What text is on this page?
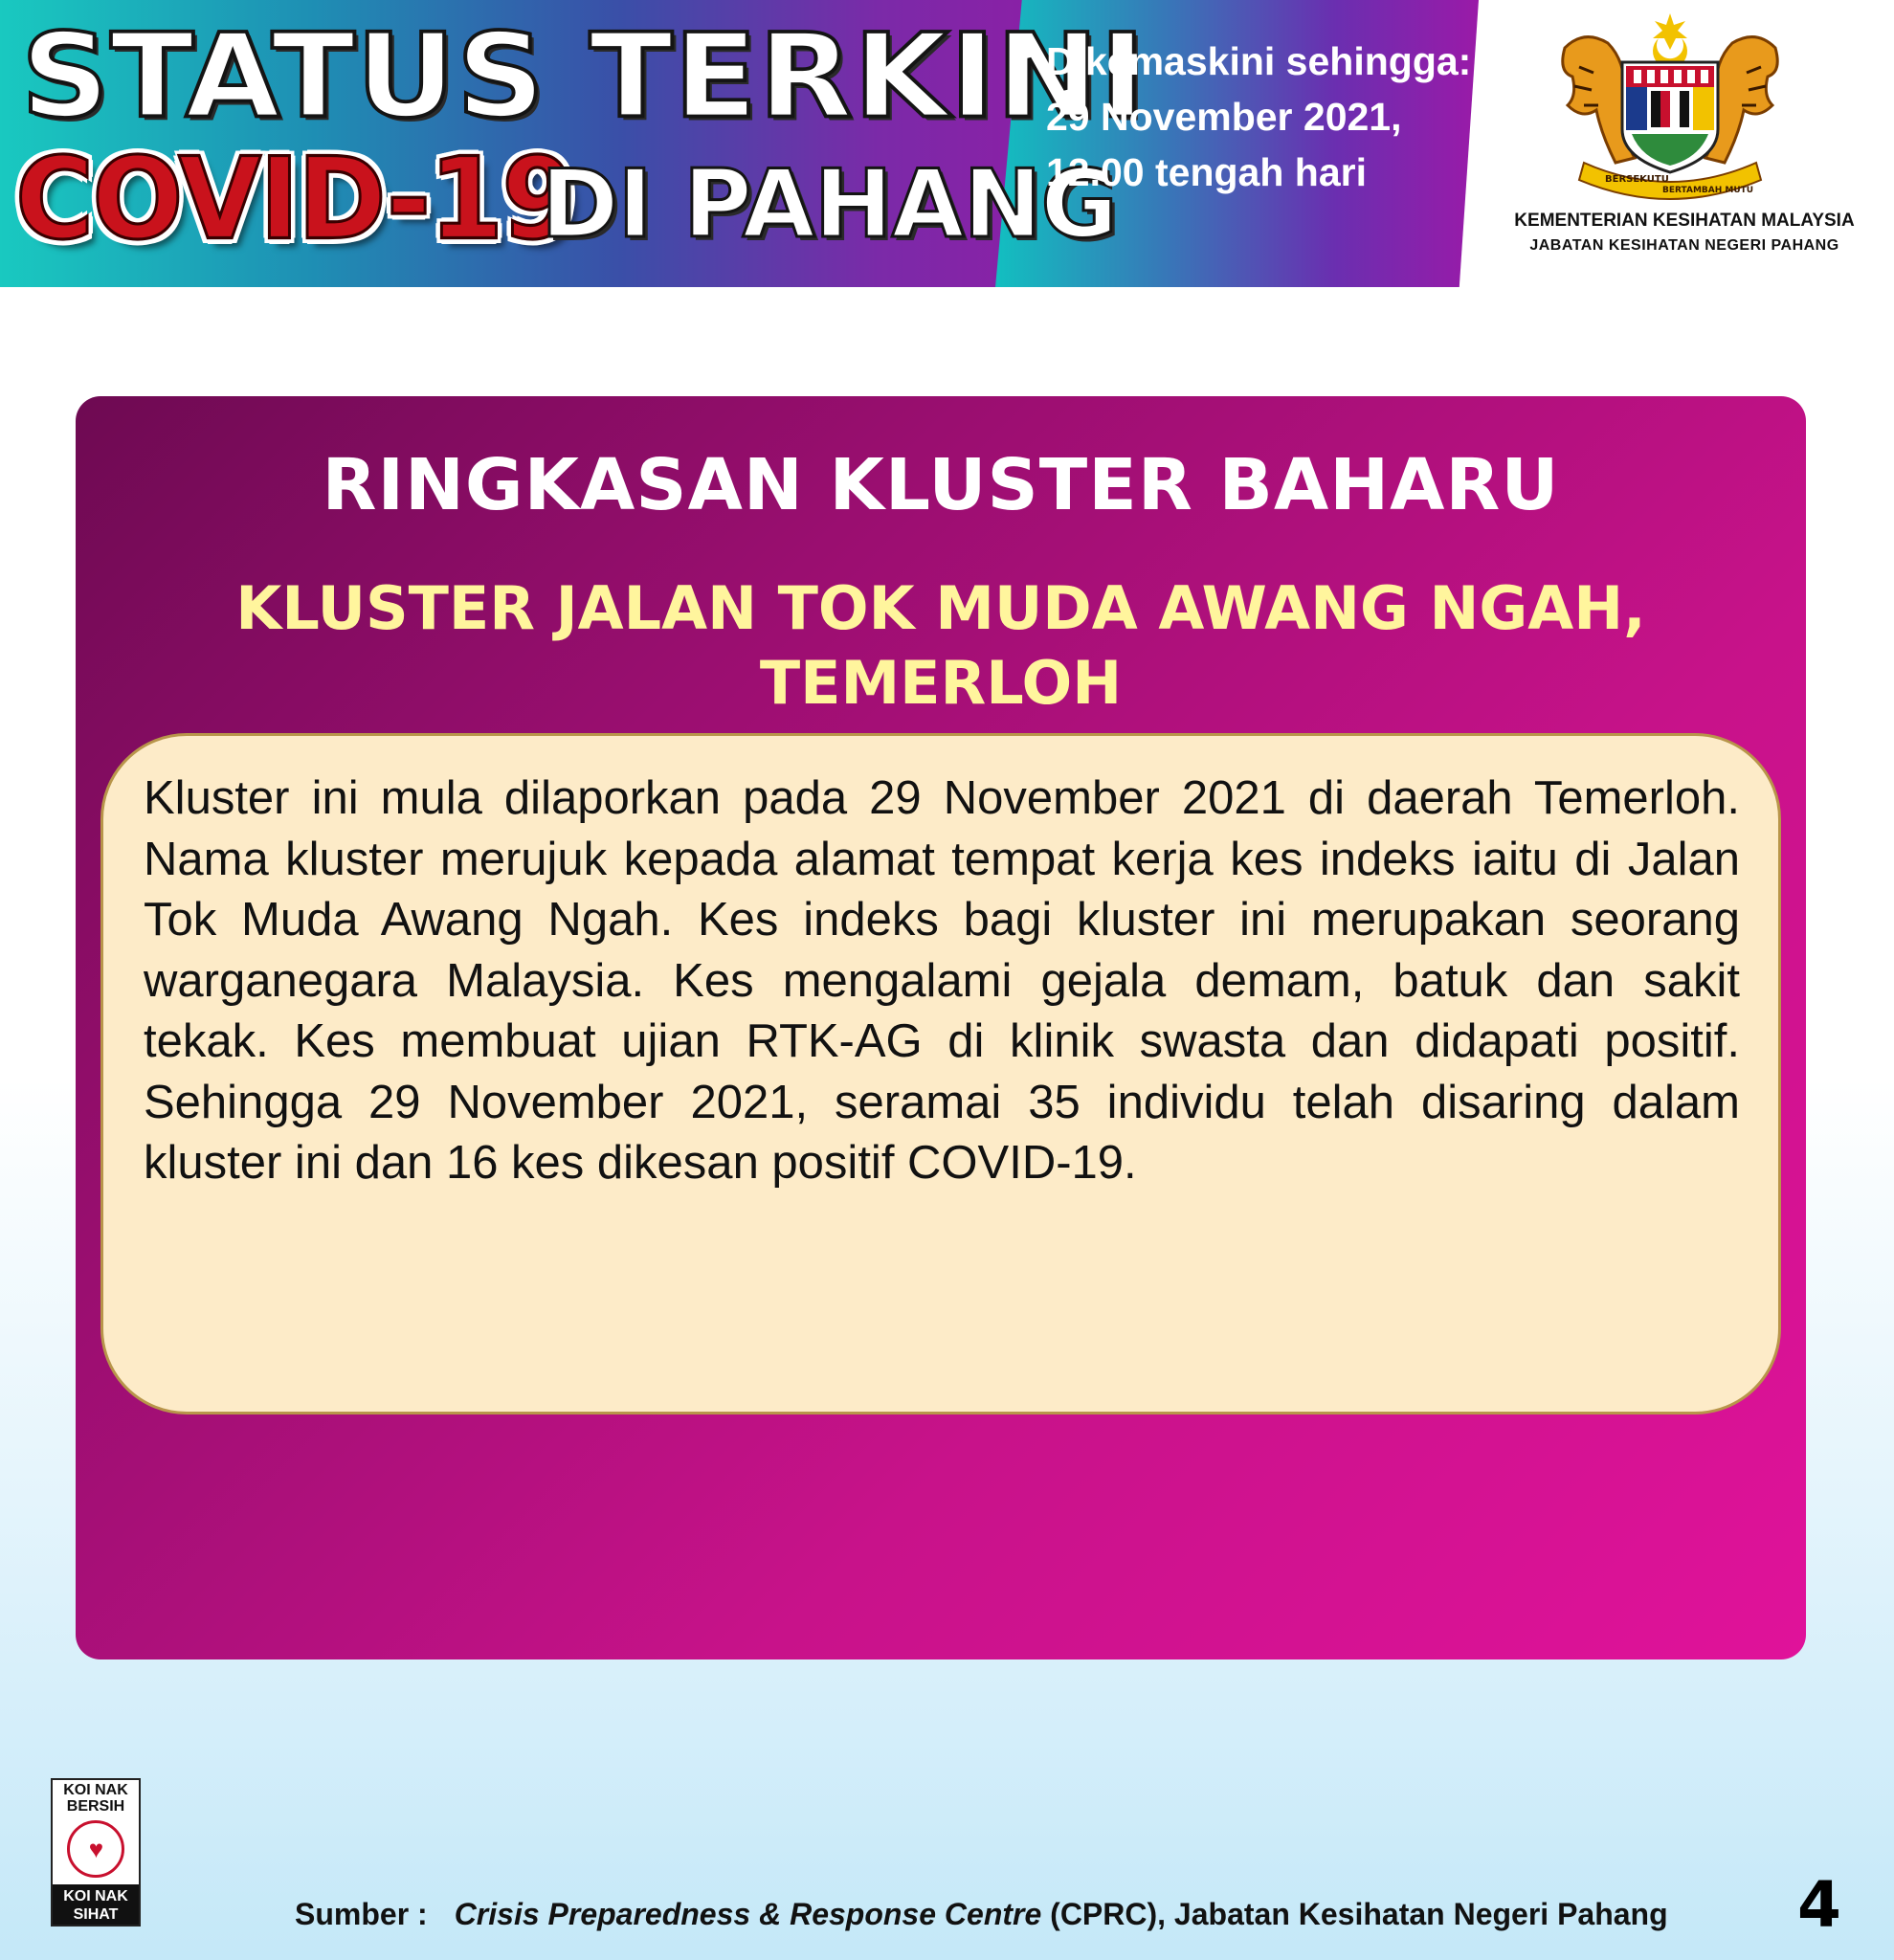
STATUS TERKINI
COVID-19
DI PAHANG
Dikemaskini sehingga:
29 November 2021,
12.00 tengah hari	BERSEKUTU
BERTAMBAH MUTU
KEMENTERIAN KESIHATAN MALAYSIA
JABATAN KESIHATAN NEGERI PAHANG
RINGKASAN KLUSTER BAHARU
KLUSTER JALAN TOK MUDA AWANG NGAH,
TEMERLOH

Kluster ini mula dilaporkan pada 29 November 2021 di daerah Temerloh. Nama kluster merujuk kepada alamat tempat kerja kes indeks iaitu di Jalan Tok Muda Awang Ngah. Kes indeks bagi kluster ini merupakan seorang warganegara Malaysia. Kes mengalami gejala demam, batuk dan sakit tekak. Kes membuat ujian RTK-AG di klinik swasta dan didapati positif. Sehingga 29 November 2021, seramai 35 individu telah disaring dalam kluster ini dan 16 kes dikesan positif COVID-19.

KOI NAK
BERSIH
♥
KOI NAK
SIHAT	Sumber : Crisis Preparedness & Response Centre (CPRC), Jabatan Kesihatan Negeri Pahang 4
